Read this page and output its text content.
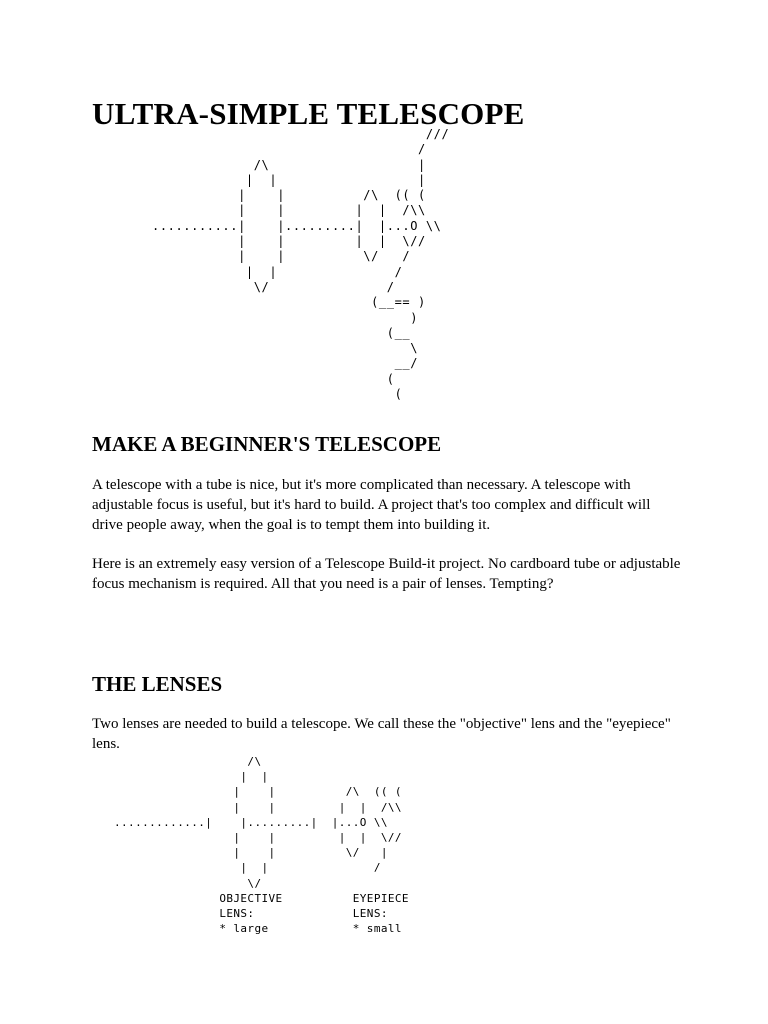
ULTRA-SIMPLE TELESCOPE
///
/
/\                   |
|  |                  |
|    |          /\  (( (
|    |         |  |  /\\
...........|    |.........|  |...O \\
|    |         |  |  \//
|    |          \/   /
|  |               /
\/               /
(__== )
)
(__
\
__/
(
(
MAKE A BEGINNER'S TELESCOPE

A telescope with a tube is nice, but it's more complicated than necessary. A telescope with adjustable focus is useful, but it's hard to build. A project that's too complex and difficult will drive people away, when the goal is to tempt them into building it.

Here is an extremely easy version of a Telescope Build-it project. No cardboard tube or adjustable focus mechanism is required. All that you need is a pair of lenses. Tempting?

THE LENSES

Two lenses are needed to build a telescope. We call these the "objective" lens and the "eyepiece" lens.

/\
|  |
|    |          /\  (( (
|    |         |  |  /\\
.............|    |.........|  |...O \\
|    |         |  |  \//
|    |          \/   |
|  |               /
\/
OBJECTIVE          EYEPIECE
LENS:              LENS:
* large            * small
